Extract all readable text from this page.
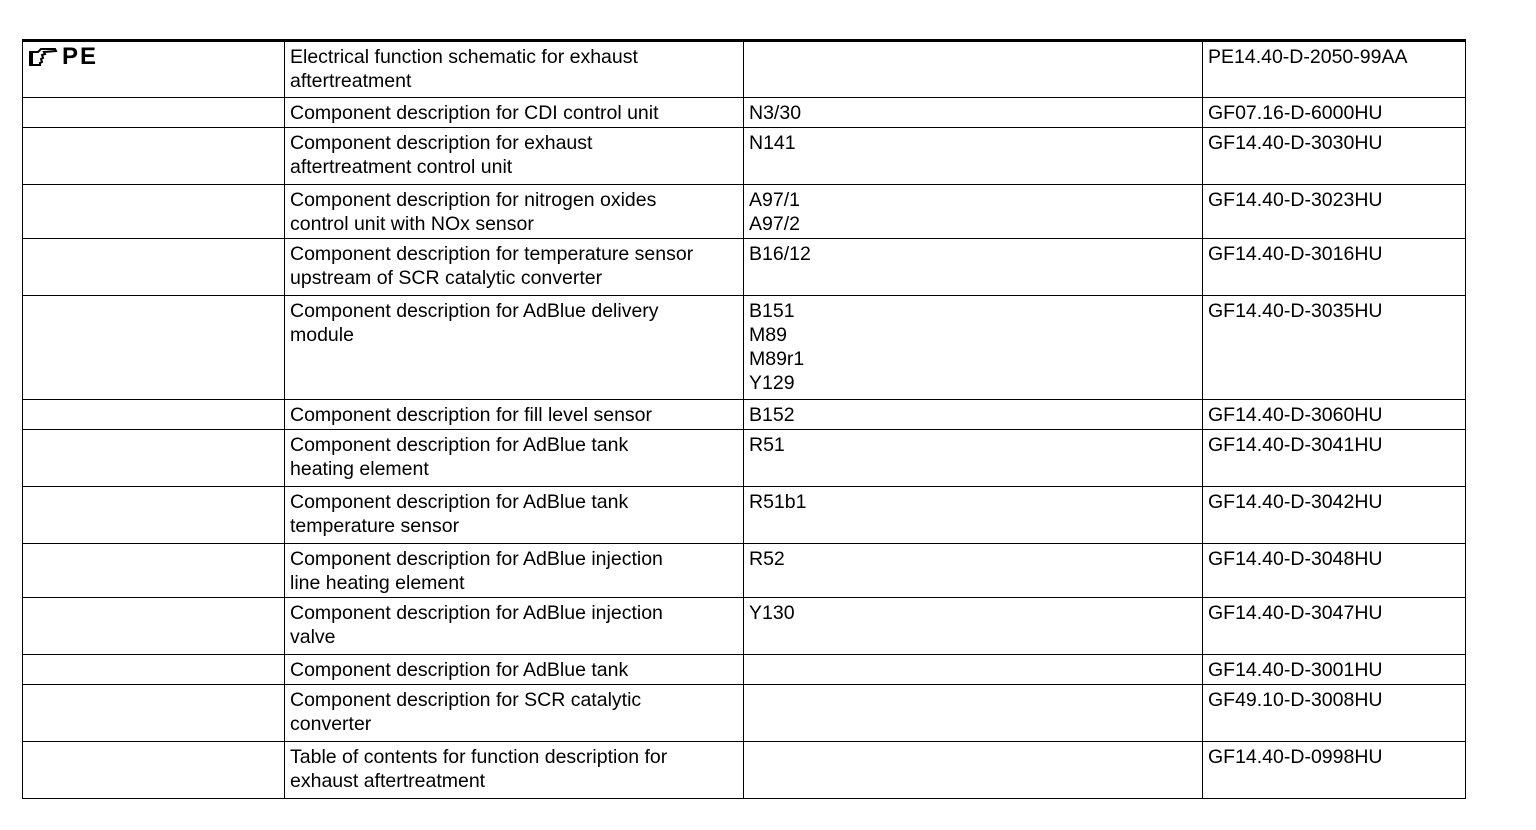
PE	Electrical function schematic for exhaust
aftertreatment		PE14.40-D-2050-99AA
	Component description for CDI control unit	N3/30	GF07.16-D-6000HU

	Component description for exhaust
aftertreatment control unit	N141	GF14.40-D-3030HU

	Component description for nitrogen oxides
control unit with NOx sensor	A97/1
A97/2	GF14.40-D-3023HU

	Component description for temperature sensor
upstream of SCR catalytic converter	B16/12	GF14.40-D-3016HU

	Component description for AdBlue delivery
module	B151
M89
M89r1
Y129	GF14.40-D-3035HU
	Component description for fill level sensor	B152	GF14.40-D-3060HU

	Component description for AdBlue tank
heating element	R51	GF14.40-D-3041HU

	Component description for AdBlue tank
temperature sensor	R51b1	GF14.40-D-3042HU

	Component description for AdBlue injection
line heating element	R52	GF14.40-D-3048HU

	Component description for AdBlue injection
valve	Y130	GF14.40-D-3047HU
	Component description for AdBlue tank		GF14.40-D-3001HU

	Component description for SCR catalytic
converter		GF49.10-D-3008HU

	Table of contents for function description for
exhaust aftertreatment		GF14.40-D-0998HU
